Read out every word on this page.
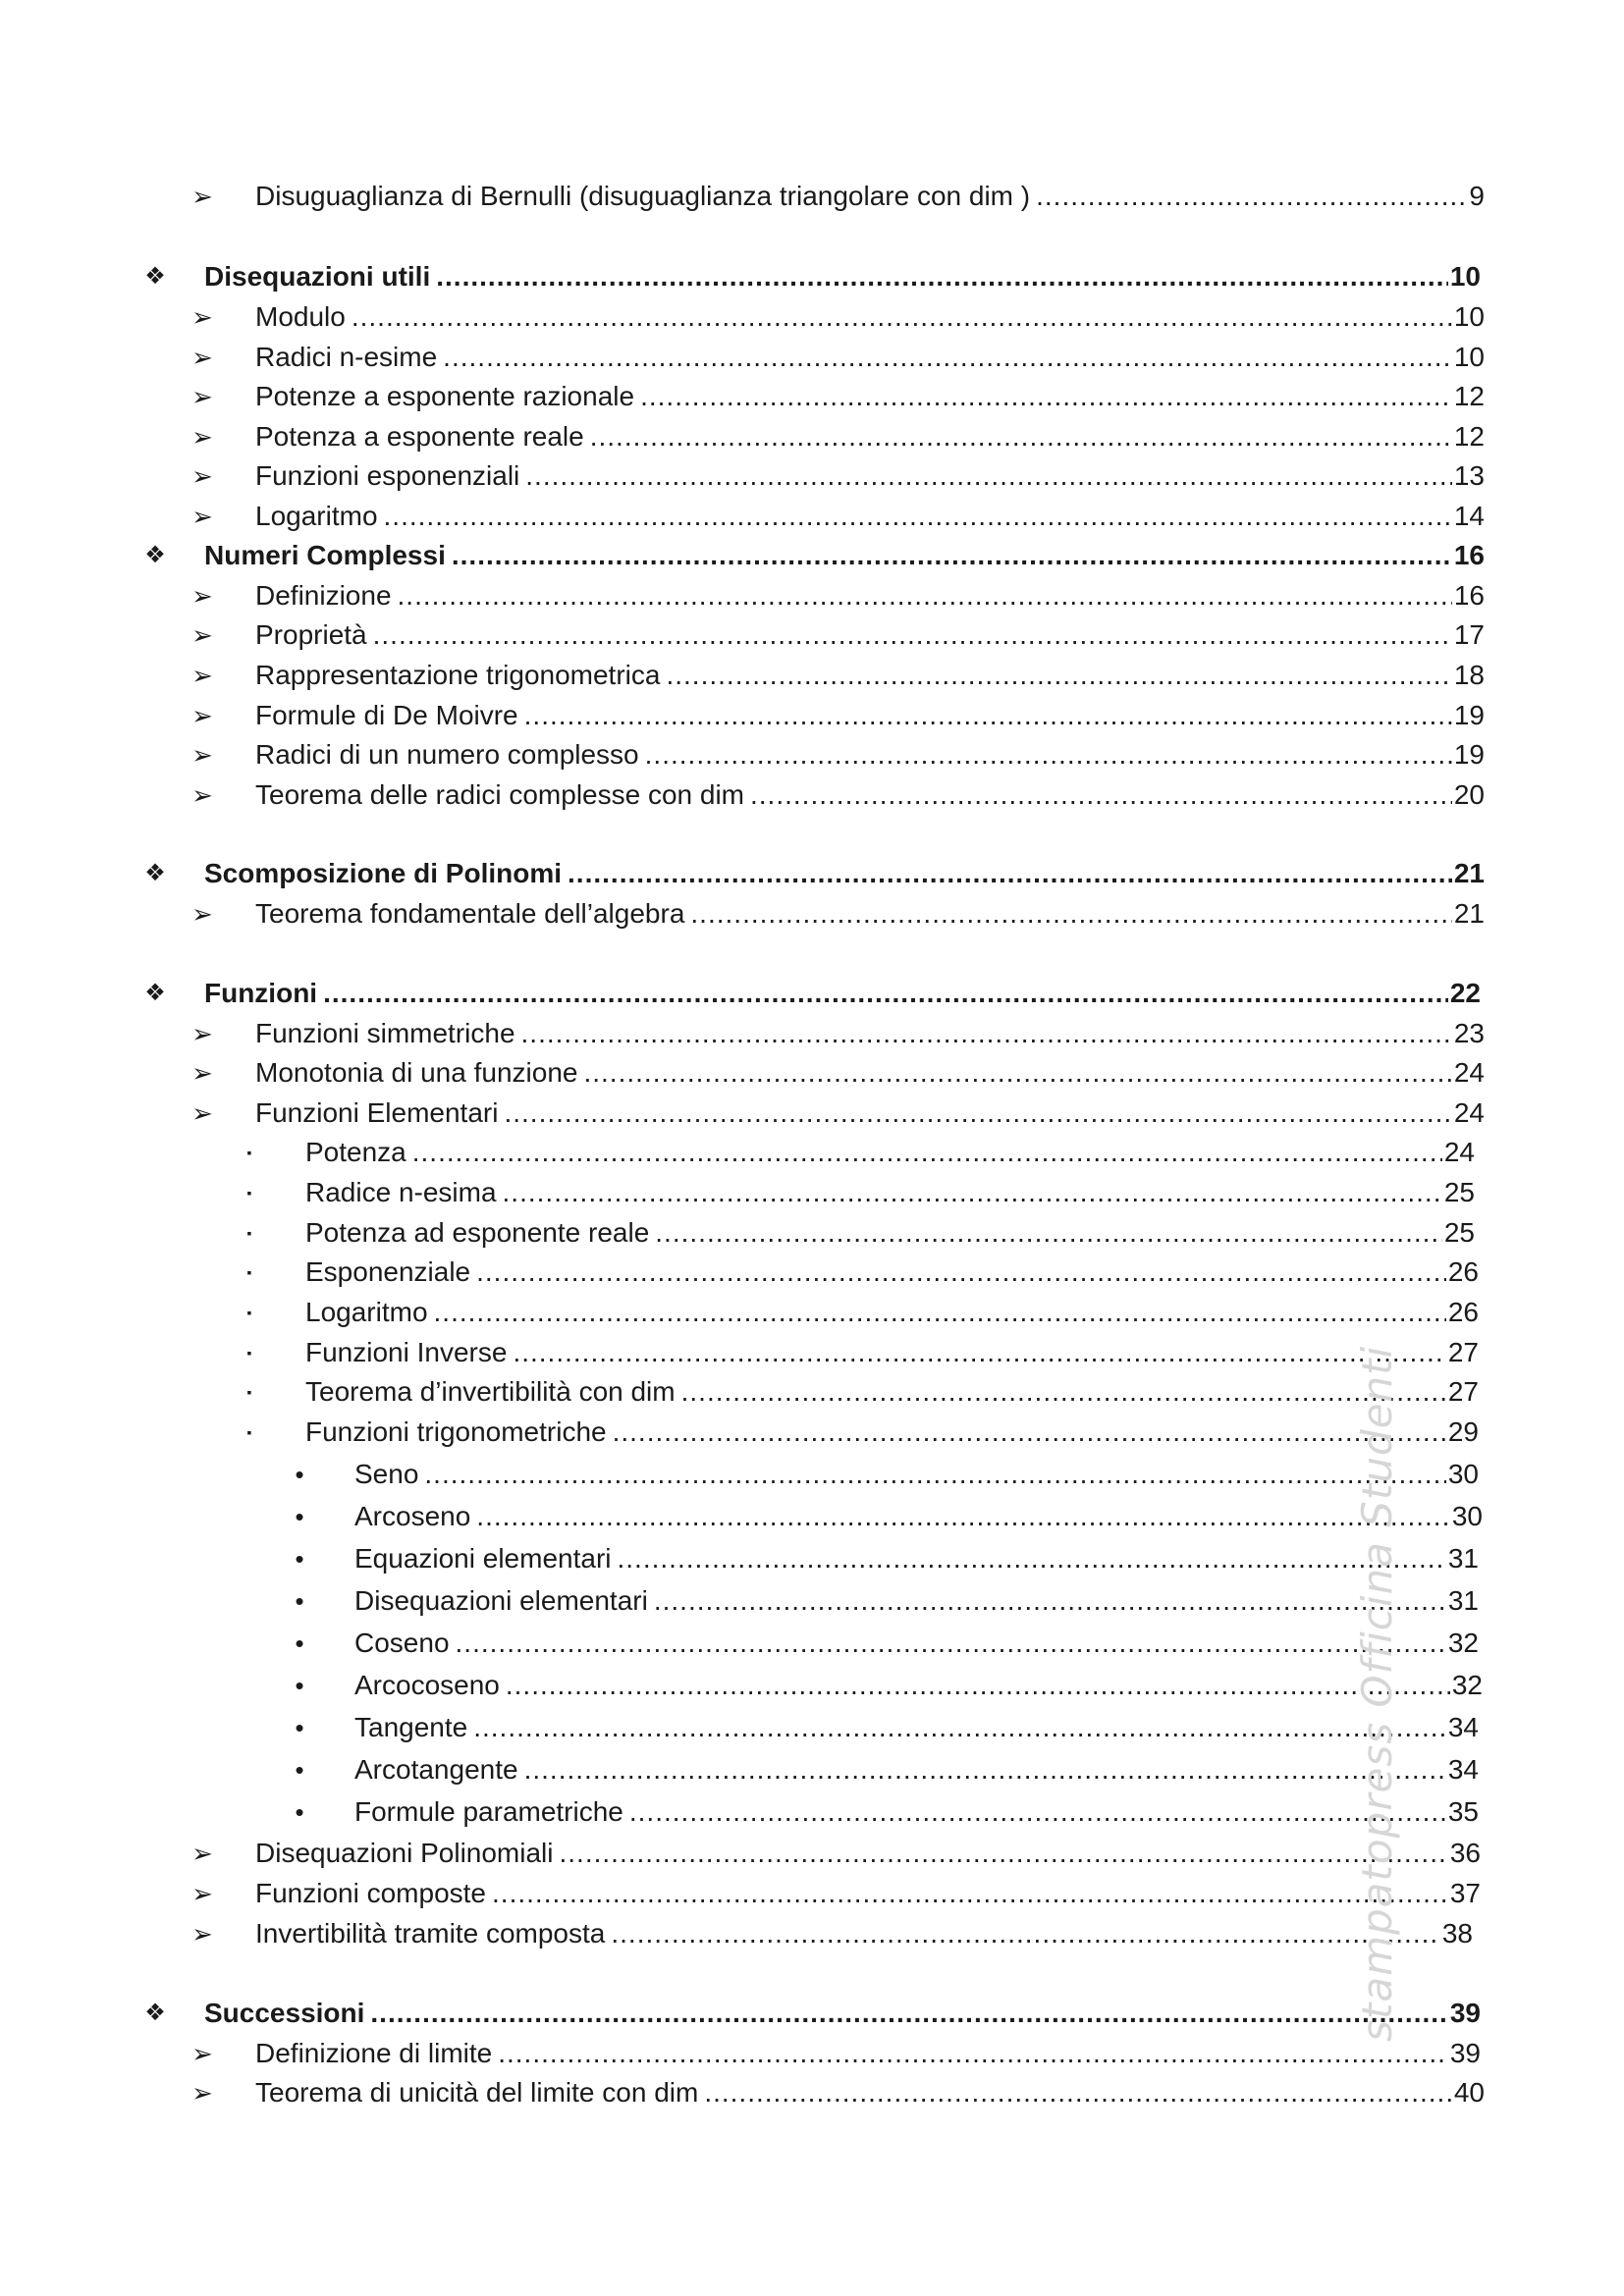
➢ Disuguaglianza di Bernulli (disuguaglianza triangolare con dim ) .....	9
❖ Disequazioni utili .....	10
➢ Modulo .....	10
➢ Radici n-esime .....	10
➢ Potenze a esponente razionale .....	12
➢ Potenza a esponente reale .....	12
➢ Funzioni esponenziali .....	13
➢ Logaritmo .....	14
❖ Numeri Complessi .....	16
➢ Definizione .....	16
➢ Proprietà .....	17
➢ Rappresentazione trigonometrica .....	18
➢ Formule di De Moivre .....	19
➢ Radici di un numero complesso .....	19
➢ Teorema delle radici complesse con dim .....	20
❖ Scomposizione di Polinomi .....	21
➢ Teorema fondamentale dell’algebra .....	21
❖ Funzioni .....	22
➢ Funzioni simmetriche .....	23
➢ Monotonia di una funzione .....	24
➢ Funzioni Elementari .....	24
▪	Potenza .....	24
▪	Radice n-esima .....	25
▪	Potenza ad esponente reale .....	25
▪	Esponenziale .....	26
▪	Logaritmo .....	26
▪	Funzioni Inverse .....	27
▪	Teorema d’invertibilità con dim .....	27
▪	Funzioni trigonometriche .....	29
•	Seno .....	30
•	Arcoseno .....	30
•	Equazioni elementari .....	31
•	Disequazioni elementari .....	31
•	Coseno .....	32
•	Arcocoseno .....	32
•	Tangente .....	34
•	Arcotangente .....	34
•	Formule parametriche .....	35
➢ Disequazioni Polinomiali .....	36
➢ Funzioni composte .....	37
➢ Invertibilità tramite composta .....	38
❖ Successioni .....	39
➢ Definizione di limite .....	39
➢ Teorema di unicità del limite con dim .....	40
stampatopress Officina Studenti
